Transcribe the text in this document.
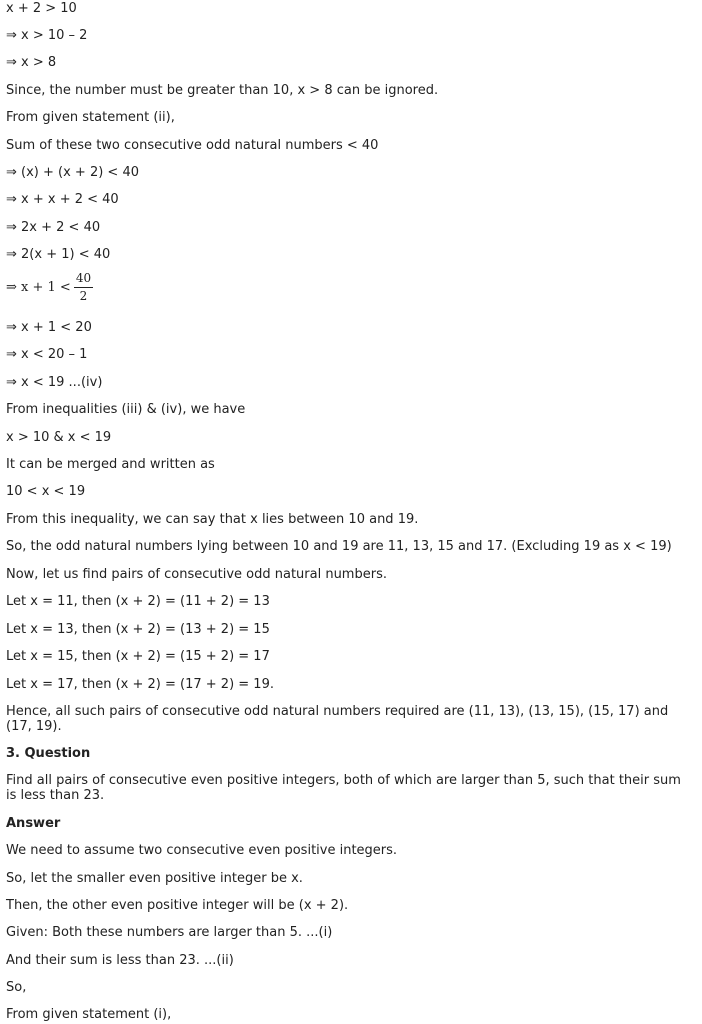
x + 2 > 10
⇒ x > 10 – 2
⇒ x > 8
Since, the number must be greater than 10, x > 8 can be ignored.
From given statement (ii),
Sum of these two consecutive odd natural numbers < 40
⇒ (x) + (x + 2) < 40
⇒ x + x + 2 < 40
⇒ 2x + 2 < 40
⇒ 2(x + 1) < 40
⇒ $x + 1 < \frac{40}{2}$
⇒ x + 1 < 20
⇒ x < 20 – 1
⇒ x < 19 ...(iv)
From inequalities (iii) & (iv), we have
x > 10 & x < 19
It can be merged and written as
10 < x < 19
From this inequality, we can say that x lies between 10 and 19.
So, the odd natural numbers lying between 10 and 19 are 11, 13, 15 and 17. (Excluding 19 as x < 19)
Now, let us find pairs of consecutive odd natural numbers.
Let x = 11, then (x + 2) = (11 + 2) = 13
Let x = 13, then (x + 2) = (13 + 2) = 15
Let x = 15, then (x + 2) = (15 + 2) = 17
Let x = 17, then (x + 2) = (17 + 2) = 19.
Hence, all such pairs of consecutive odd natural numbers required are (11, 13), (13, 15), (15, 17) and (17, 19).
3. Question
Find all pairs of consecutive even positive integers, both of which are larger than 5, such that their sum is less than 23.
Answer
We need to assume two consecutive even positive integers.
So, let the smaller even positive integer be x.
Then, the other even positive integer will be (x + 2).
Given: Both these numbers are larger than 5. ...(i)
And their sum is less than 23. ...(ii)
So,
From given statement (i),
